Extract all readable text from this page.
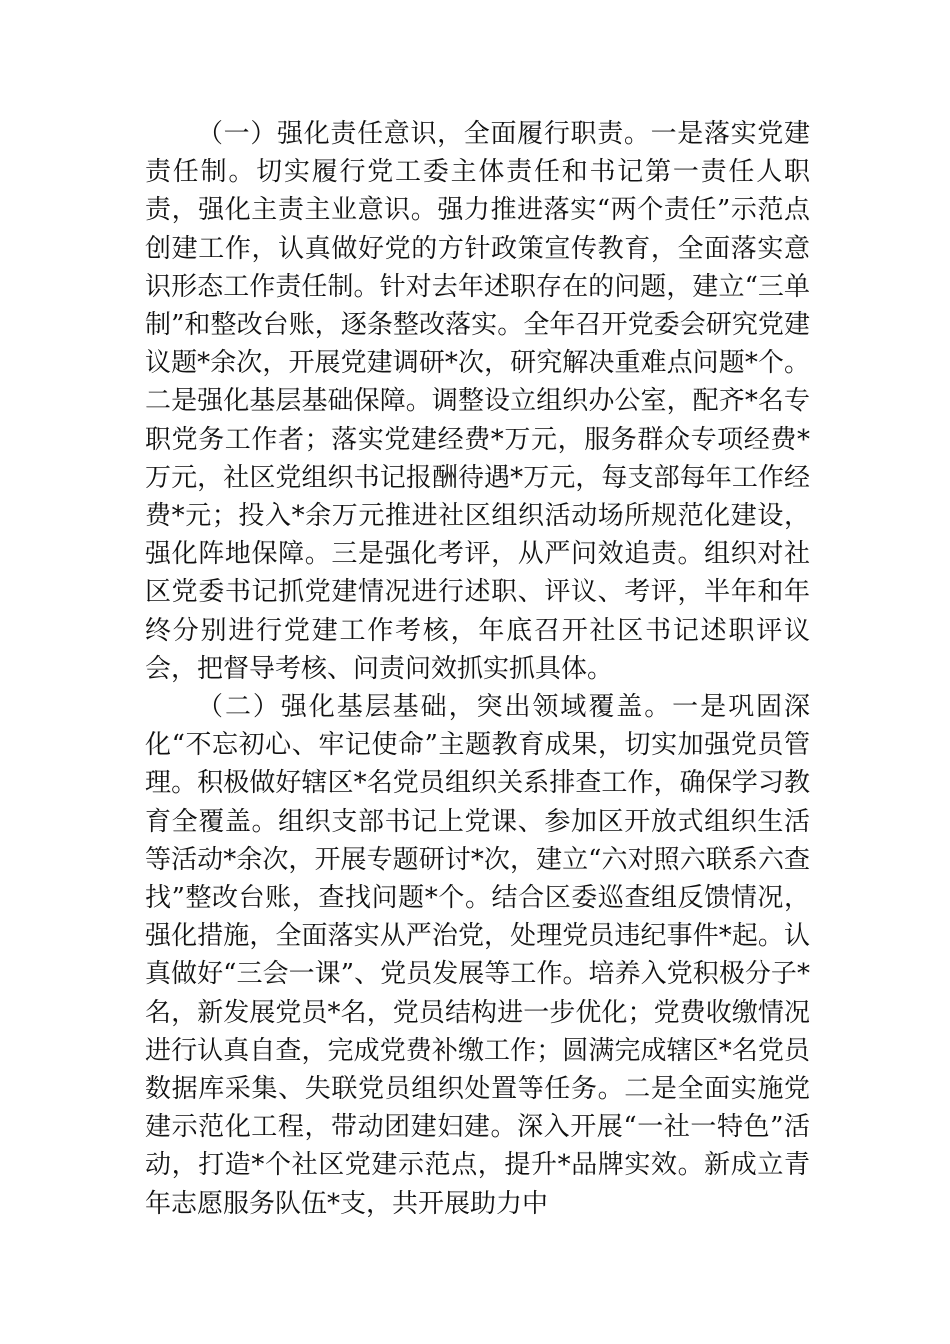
（一）强化责任意识，全面履行职责。一是落实党建责任制。切实履行党工委主体责任和书记第一责任人职责，强化主责主业意识。强力推进落实“两个责任”示范点创建工作，认真做好党的方针政策宣传教育，全面落实意识形态工作责任制。针对去年述职存在的问题，建立“三单制”和整改台账，逐条整改落实。全年召开党委会研究党建议题*余次，开展党建调研*次，研究解决重难点问题*个。二是强化基层基础保障。调整设立组织办公室，配齐*名专职党务工作者；落实党建经费*万元，服务群众专项经费*万元，社区党组织书记报酬待遇*万元，每支部每年工作经费*元；投入*余万元推进社区组织活动场所规范化建设，强化阵地保障。三是强化考评，从严问效追责。组织对社区党委书记抓党建情况进行述职、评议、考评，半年和年终分别进行党建工作考核，年底召开社区书记述职评议会，把督导考核、问责问效抓实抓具体。

（二）强化基层基础，突出领域覆盖。一是巩固深化“不忘初心、牢记使命”主题教育成果，切实加强党员管理。积极做好辖区*名党员组织关系排查工作，确保学习教育全覆盖。组织支部书记上党课、参加区开放式组织生活等活动*余次，开展专题研讨*次，建立“六对照六联系六查找”整改台账，查找问题*个。结合区委巡查组反馈情况，强化措施，全面落实从严治党，处理党员违纪事件*起。认真做好“三会一课”、党员发展等工作。培养入党积极分子*名，新发展党员*名，党员结构进一步优化；党费收缴情况进行认真自查，完成党费补缴工作；圆满完成辖区*名党员数据库采集、失联党员组织处置等任务。二是全面实施党建示范化工程，带动团建妇建。深入开展“一社一特色”活动，打造*个社区党建示范点，提升*品牌实效。新成立青年志愿服务队伍*支，共开展助力中
